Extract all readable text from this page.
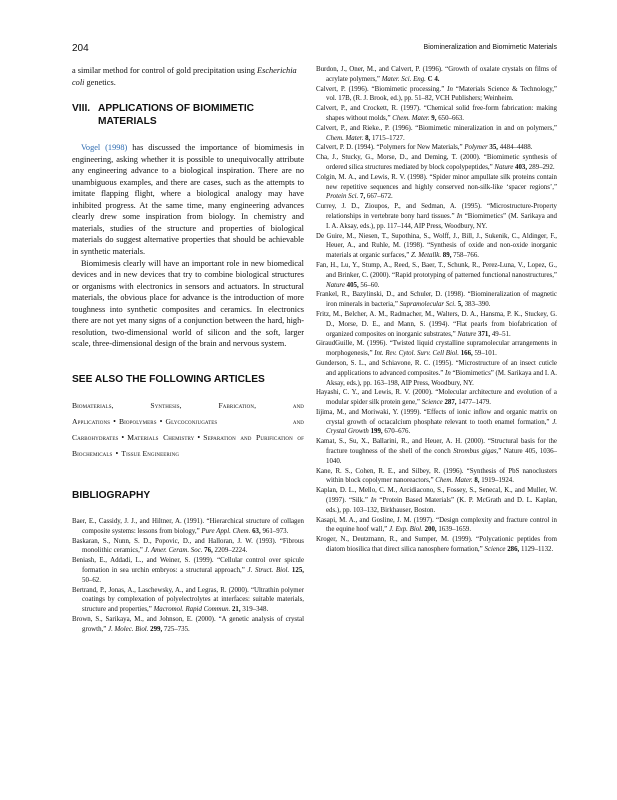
204	Biomineralization and Biomimetic Materials

a similar method for control of gold precipitation using Escherichia coli genetics.

VIII. APPLICATIONS OF BIOMIMETIC
MATERIALS

Vogel (1998) has discussed the importance of biomimesis in engineering, asking whether it is possible to unequivocally attribute any engineering advance to a biological inspiration. There are no unambiguous examples, and there are cases, such as the attempts to imitate flapping flight, where a biological analogy may have inhibited progress. At the same time, many engineering advances clearly drew some inspiration from biology. In chemistry and materials, studies of the structure and properties of biological materials do suggest alternative properties that should be achievable in synthetic materials.

Biomimesis clearly will have an important role in new biomedical devices and in new devices that try to combine biological structures or organisms with electronics in sensors and actuators. In structural materials, the obvious place for advance is the introduction of more toughness into synthetic composites and ceramics. In electronics there are not yet many signs of a conjunction between the hard, high-resolution, two-dimensional world of silicon and the soft, larger scale, three-dimensional design of the brain and nervous system.

SEE ALSO THE FOLLOWING ARTICLES

Biomaterials, Synthesis, Fabrication, and Applications • Biopolymers • Glycoconjugates and Carbohydrates • Materials Chemistry • Separation and Purification of Biochemicals • Tissue Engineering

BIBLIOGRAPHY
Baer, E., Cassidy, J. J., and Hiltner, A. (1991). “Hierarchical structure of collagen composite systems: lessons from biology,” Pure Appl. Chem. 63, 961–973.
Baskaran, S., Nunn, S. D., Popovic, D., and Halloran, J. W. (1993). “Fibrous monolithic ceramics,” J. Amer. Ceram. Soc. 76, 2209–2224.
Beniash, E., Addadi, L., and Weiner, S. (1999). “Cellular control over spicule formation in sea urchin embryos: a structural approach,” J. Struct. Biol. 125, 50–62.
Bertrand, P., Jonas, A., Laschewsky, A., and Legras, R. (2000). “Ultrathin polymer coatings by complexation of polyelectrolytes at interfaces: suitable materials, structure and properties,” Macromol. Rapid Commun. 21, 319–348.
Brown, S., Sarikaya, M., and Johnson, E. (2000). “A genetic analysis of crystal growth,” J. Molec. Biol. 299, 725–735.
Burdon, J., Oner, M., and Calvert, P. (1996). “Growth of oxalate crystals on films of acrylate polymers,” Mater. Sci. Eng. C 4.
Calvert, P. (1996). “Biomimetic processing.” In “Materials Science & Technology,” vol. 17B, (R. J. Brook, ed.), pp. 51–82, VCH Publishers; Weinheim.
Calvert, P., and Crockett, R. (1997). “Chemical solid free-form fabrication: making shapes without molds,” Chem. Mater. 9, 650–663.
Calvert, P., and Rieke., P. (1996). “Biomimetic mineralization in and on polymers,” Chem. Mater. 8, 1715–1727.
Calvert, P. D. (1994). “Polymers for New Materials,” Polymer 35, 4484–4488.
Cha, J., Stucky, G., Morse, D., and Deming, T. (2000). “Biomimetic synthesis of ordered silica structures mediated by block copolypeptides,” Nature 403, 289–292.
Colgin, M. A., and Lewis, R. V. (1998). “Spider minor ampullate silk proteins contain new repetitive sequences and highly conserved non-silk-like ‘spacer regions’,” Protein Sci. 7, 667–672.
Currey, J. D., Zioupos, P., and Sedman, A. (1995). “Microstructure-Property relationships in vertebrate bony hard tissues.” In “Biomimetics” (M. Sarikaya and I. A. Aksay, eds.), pp. 117–144, AIP Press, Woodbury, NY.
De Guire, M., Niesen, T., Supothina, S., Wolff, J., Bill, J., Sukenik, C., Aldinger, F., Heuer, A., and Ruhle, M. (1998). “Synthesis of oxide and non-oxide inorganic materials at organic surfaces,” Z. Metallk. 89, 758–766.
Fan, H., Lu, Y., Stump, A., Reed, S., Baer, T., Schunk, R., Perez-Luna, V., Lopez, G., and Brinker, C. (2000). “Rapid prototyping of patterned functional nanostructures,” Nature 405, 56–60.
Frankel, R., Bazylinski, D., and Schuler, D. (1998). “Biomineralization of magnetic iron minerals in bacteria,” Supramolecular Sci. 5, 383–390.
Fritz, M., Belcher, A. M., Radmacher, M., Walters, D. A., Hansma, P. K., Stuckey, G. D., Morse, D. E., and Mann, S. (1994). “Flat pearls from biofabrication of organized composites on inorganic substrates,” Nature 371, 49–51.
GiraudGuille, M. (1996). “Twisted liquid crystalline supramolecular arrangements in morphogenesis,” Int. Rev. Cytol. Surv. Cell Biol. 166, 59–101.
Gunderson, S. L., and Schiavone, R. C. (1995). “Microstructure of an insect cuticle and applications to advanced composites.” In “Biomimetics” (M. Sarikaya and I. A. Aksay, eds.), pp. 163–198, AIP Press, Woodbury, NY.
Hayashi, C. Y., and Lewis, R. V. (2000). “Molecular architecture and evolution of a modular spider silk protein gene,” Science 287, 1477–1479.
Iijima, M., and Moriwaki, Y. (1999). “Effects of ionic inflow and organic matrix on crystal growth of octacalcium phosphate relevant to tooth enamel formation,” J. Crystal Growth 199, 670–676.
Kamat, S., Su, X., Ballarini, R., and Heuer, A. H. (2000). “Structural basis for the fracture toughness of the shell of the conch Strombus gigas,” Nature 405, 1036–1040.
Kane, R. S., Cohen, R. E., and Silbey, R. (1996). “Synthesis of PbS nanoclusters within block copolymer nanoreactors,” Chem. Mater. 8, 1919–1924.
Kaplan, D. L., Mello, C. M., Arcidiacono, S., Fossey, S., Senecal, K., and Muller, W. (1997). “Silk.” In “Protein Based Materials” (K. P. McGrath and D. L. Kaplan, eds.), pp. 103–132, Birkhauser, Boston.
Kasapi, M. A., and Gosline, J. M. (1997). “Design complexity and fracture control in the equine hoof wall,” J. Exp. Biol. 200, 1639–1659.
Kroger, N., Deutzmann, R., and Sumper, M. (1999). “Polycationic peptides from diatom biosilica that direct silica nanosphere formation,” Science 286, 1129–1132.
